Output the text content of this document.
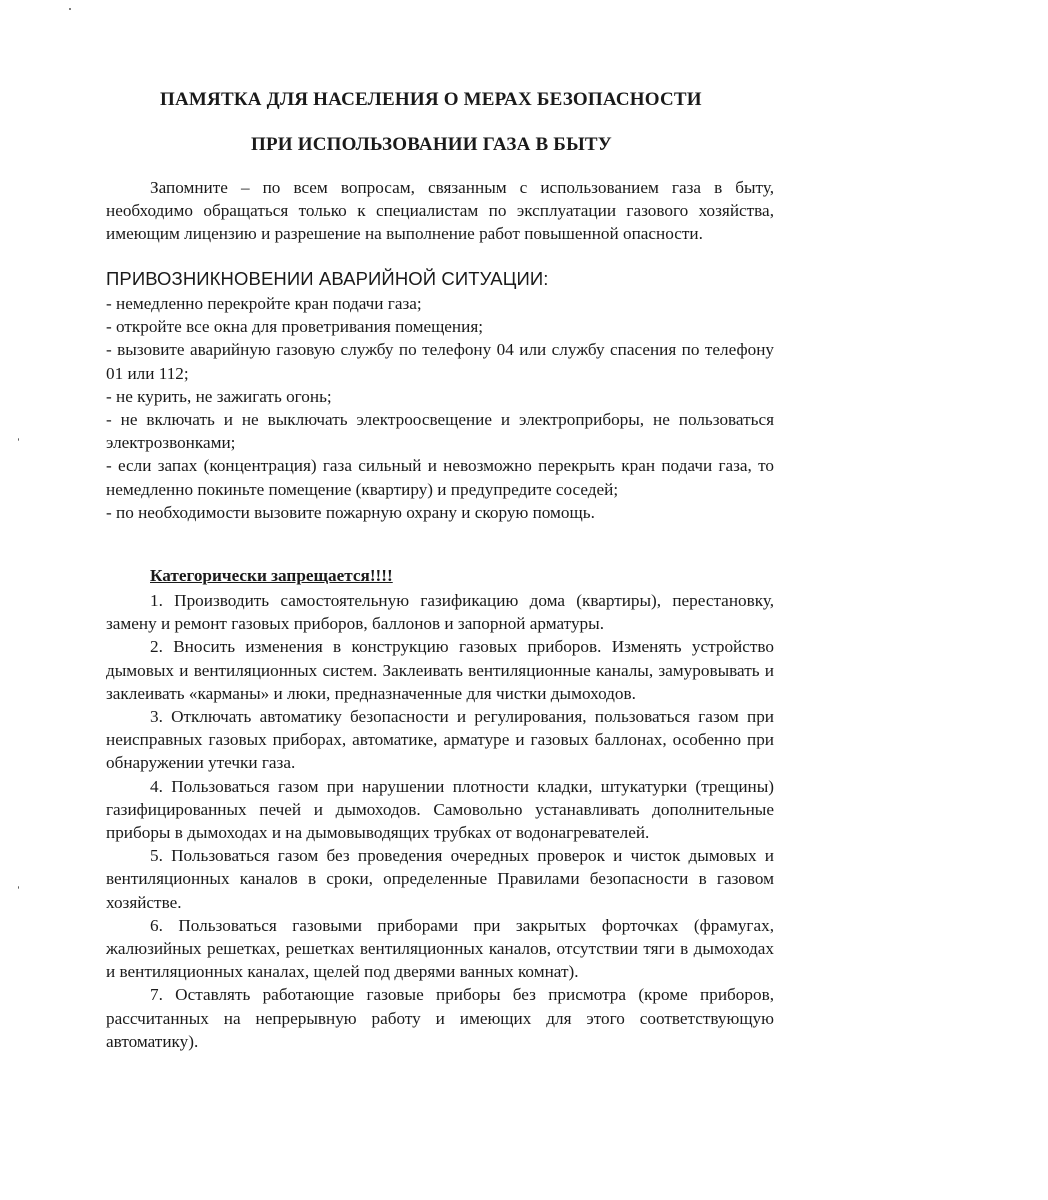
ПАМЯТКА ДЛЯ НАСЕЛЕНИЯ О МЕРАХ БЕЗОПАСНОСТИ
ПРИ ИСПОЛЬЗОВАНИИ ГАЗА В БЫТУ

Запомните – по всем вопросам, связанным с использованием газа в быту, необходимо обращаться только к специалистам по эксплуатации газового хозяйства, имеющим лицензию и разрешение на выполнение работ повышенной опасности.

ПРИВОЗНИКНОВЕНИИ АВАРИЙНОЙ СИТУАЦИИ:

- немедленно перекройте кран подачи газа;

- откройте все окна для проветривания помещения;

- вызовите аварийную газовую службу по телефону 04 или службу спасения по телефону 01 или 112;

- не курить, не зажигать огонь;

- не включать и не выключать электроосвещение и электроприборы, не пользоваться электрозвонками;

- если запах (концентрация) газа сильный и невозможно перекрыть кран подачи газа, то немедленно покиньте помещение (квартиру) и предупредите соседей;

- по необходимости вызовите пожарную охрану и скорую помощь.

Категорически запрещается!!!!

1. Производить самостоятельную газификацию дома (квартиры), перестановку, замену и ремонт газовых приборов, баллонов и запорной арматуры.

2. Вносить изменения в конструкцию газовых приборов. Изменять устройство дымовых и вентиляционных систем. Заклеивать вентиляционные каналы, замуровывать и заклеивать «карманы» и люки, предназначенные для чистки дымоходов.

3. Отключать автоматику безопасности и регулирования, пользоваться газом при неисправных газовых приборах, автоматике, арматуре и газовых баллонах, особенно при обнаружении утечки газа.

4. Пользоваться газом при нарушении плотности кладки, штукатурки (трещины) газифицированных печей и дымоходов. Самовольно устанавливать дополнительные приборы в дымоходах и на дымовыводящих трубках от водонагревателей.

5. Пользоваться газом без проведения очередных проверок и чисток дымовых и вентиляционных каналов в сроки, определенные Правилами безопасности в газовом хозяйстве.

6. Пользоваться газовыми приборами при закрытых форточках (фрамугах, жалюзийных решетках, решетках вентиляционных каналов, отсутствии тяги в дымоходах и вентиляционных каналах, щелей под дверями ванных комнат).

7. Оставлять работающие газовые приборы без присмотра (кроме приборов, рассчитанных на непрерывную работу и имеющих для этого соответствующую автоматику).
